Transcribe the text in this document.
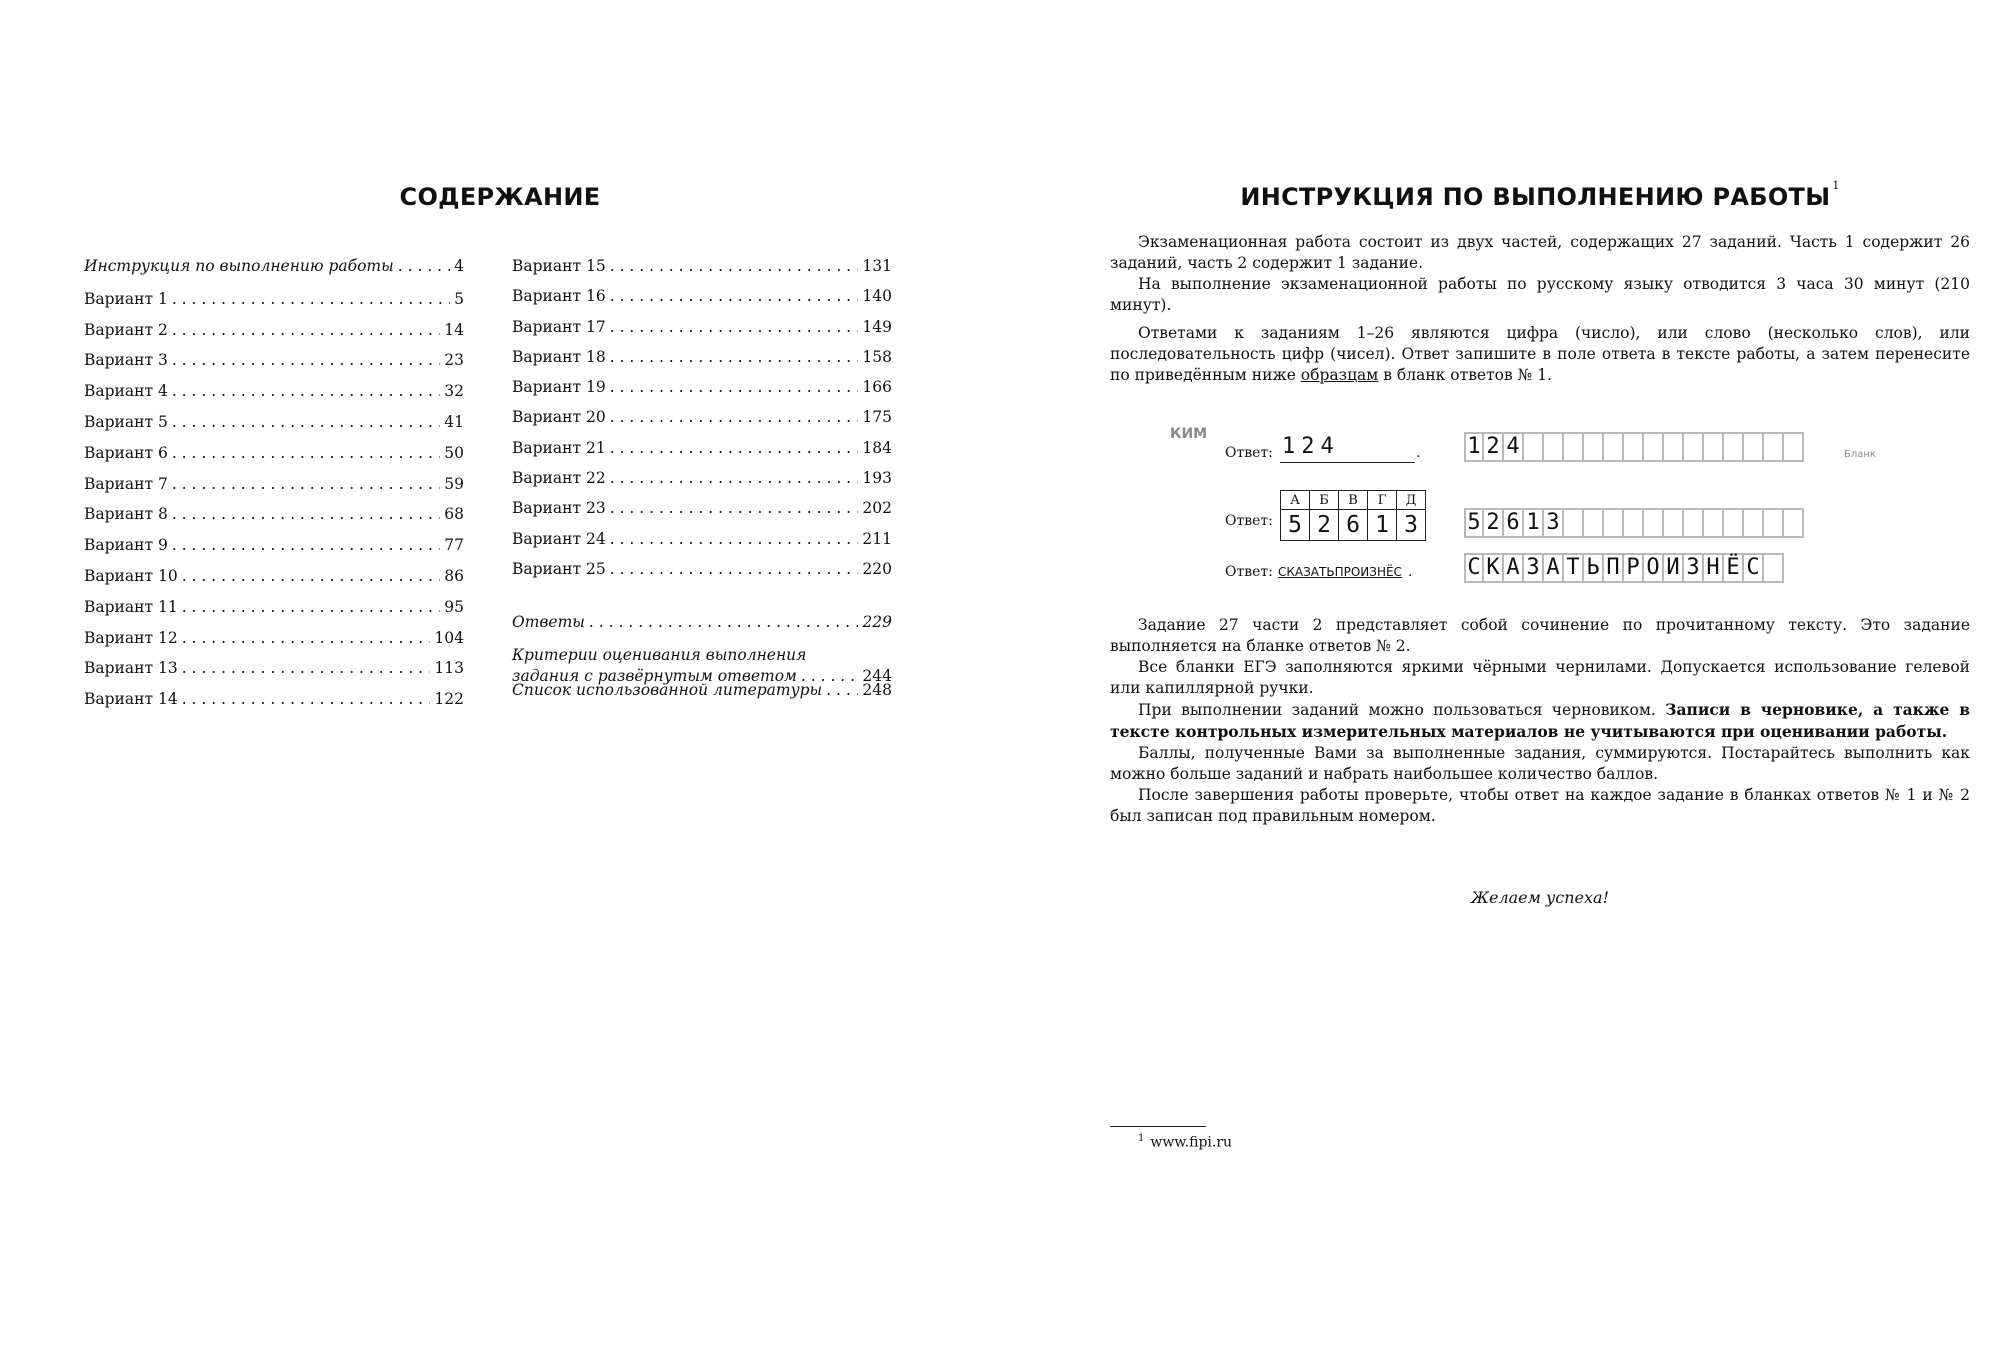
СОДЕРЖАНИЕ
Инструкция по выполнению работы . . .	4
Вариант 1 . . .	5
Вариант 2 . . .	14
Вариант 3 . . .	23
Вариант 4 . . .	32
Вариант 5 . . .	41
Вариант 6 . . .	50
Вариант 7 . . .	59
Вариант 8 . . .	68
Вариант 9 . . .	77
Вариант 10 . . .	86
Вариант 11 . . .	95
Вариант 12 . . .	104
Вариант 13 . . .	113
Вариант 14 . . .	122
Вариант 15 . . .	131
Вариант 16 . . .	140
Вариант 17 . . .	149
Вариант 18 . . .	158
Вариант 19 . . .	166
Вариант 20 . . .	175
Вариант 21 . . .	184
Вариант 22 . . .	193
Вариант 23 . . .	202
Вариант 24 . . .	211
Вариант 25 . . .	220
Ответы . . .	229
Критерии оценивания выполнения
задания с развёрнутым ответом . . .	244
Список использованной литературы . . .	248
ИНСТРУКЦИЯ ПО ВЫПОЛНЕНИЮ РАБОТЫ $^1$

Экзаменационная работа состоит из двух частей, содержащих 27 заданий. Часть 1 содержит 26 заданий, часть 2 содержит 1 задание.

На выполнение экзаменационной работы по русскому языку отводится 3 часа 30 минут (210 минут).

Ответами к заданиям 1–26 являются цифра (число), или слово (несколько слов), или последовательность цифр (чисел). Ответ запишите в поле ответа в тексте работы, а затем перенесите по приведённым ниже образцам в бланк ответов № 1.

КИМ
Бланк
Ответ: 124	. 1 2 4
Ответ:
А	Б	В	Г	Д
5	2	6	1	3 5 2 6 1 3
Ответ: СКАЗАТЬПРОИЗНЁС . С К А З А Т Ь П Р О И З Н Ё С

Задание 27 части 2 представляет собой сочинение по прочитанному тексту. Это задание выполняется на бланке ответов № 2.

Все бланки ЕГЭ заполняются яркими чёрными чернилами. Допускается использование гелевой или капиллярной ручки.

При выполнении заданий можно пользоваться черновиком. Записи в черновике, а также в тексте контрольных измерительных материалов не учитываются при оценивании работы.

Баллы, полученные Вами за выполненные задания, суммируются. Постарайтесь выполнить как можно больше заданий и набрать наибольшее количество баллов.

После завершения работы проверьте, чтобы ответ на каждое задание в бланках ответов № 1 и № 2 был записан под правильным номером.

Желаем успеха!
$^1$ www.fipi.ru
